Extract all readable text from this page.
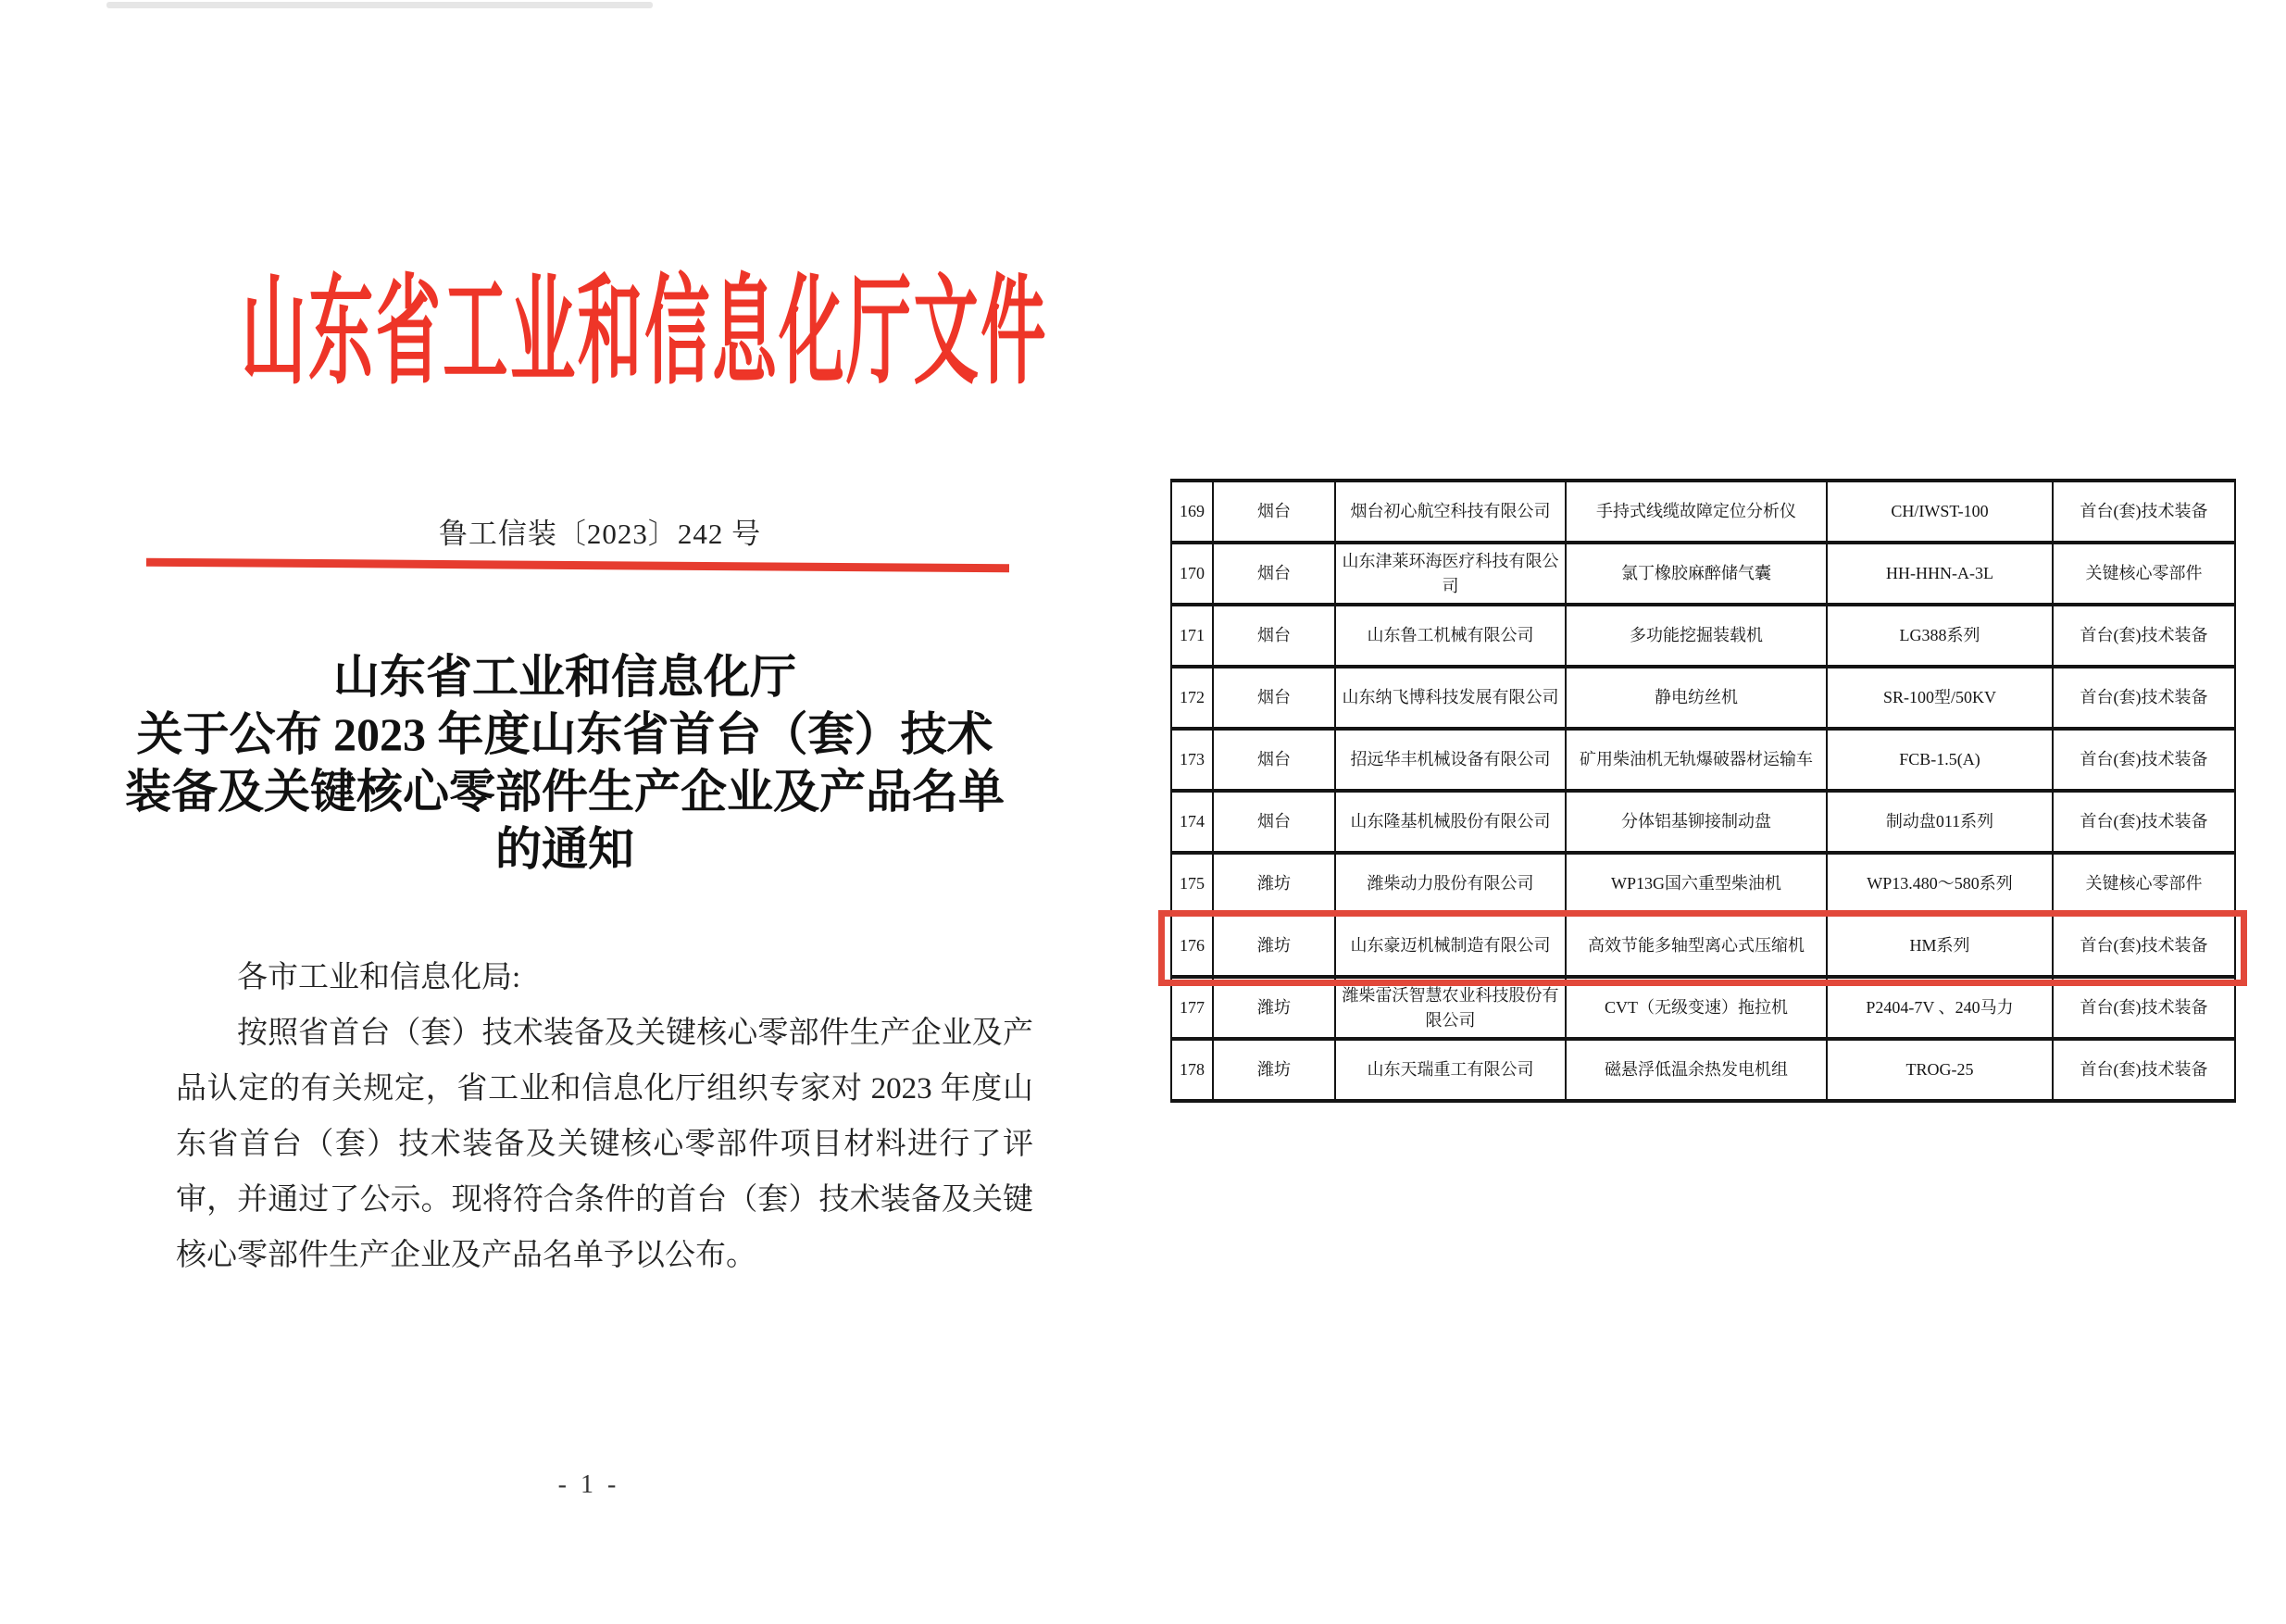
山东省工业和信息化厅文件
鲁工信装〔2023〕242 号
山东省工业和信息化厅
关于公布 2023 年度山东省首台（套）技术
装备及关键核心零部件生产企业及产品名单
的通知

各市工业和信息化局:

按照省首台（套）技术装备及关键核心零部件生产企业及产品认定的有关规定，省工业和信息化厅组织专家对 2023 年度山东省首台（套）技术装备及关键核心零部件项目材料进行了评审，并通过了公示。现将符合条件的首台（套）技术装备及关键核心零部件生产企业及产品名单予以公布。

- 1 -
169	烟台	烟台初心航空科技有限公司	手持式线缆故障定位分析仪	CH/IWST-100	首台(套)技术装备
170	烟台	山东津莱环海医疗科技有限公司	氯丁橡胶麻醉储气囊	HH-HHN-A-3L	关键核心零部件
171	烟台	山东鲁工机械有限公司	多功能挖掘装载机	LG388系列	首台(套)技术装备
172	烟台	山东纳飞博科技发展有限公司	静电纺丝机	SR-100型/50KV	首台(套)技术装备
173	烟台	招远华丰机械设备有限公司	矿用柴油机无轨爆破器材运输车	FCB-1.5(A)	首台(套)技术装备
174	烟台	山东隆基机械股份有限公司	分体铝基铆接制动盘	制动盘011系列	首台(套)技术装备
175	潍坊	潍柴动力股份有限公司	WP13G国六重型柴油机	WP13.480～580系列	关键核心零部件
176	潍坊	山东豪迈机械制造有限公司	高效节能多轴型离心式压缩机	HM系列	首台(套)技术装备
177	潍坊	潍柴雷沃智慧农业科技股份有限公司	CVT（无级变速）拖拉机	P2404-7V 、240马力	首台(套)技术装备
178	潍坊	山东天瑞重工有限公司	磁悬浮低温余热发电机组	TROG-25	首台(套)技术装备
